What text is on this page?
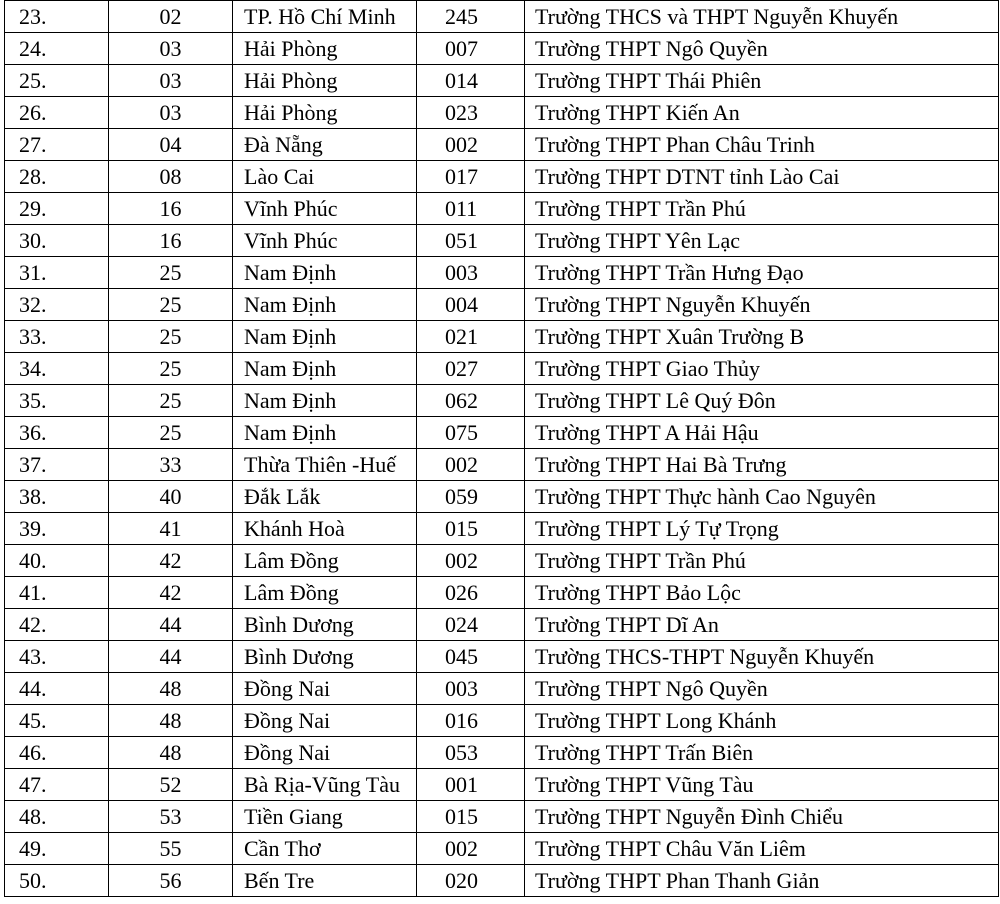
23.	02	TP. Hồ Chí Minh	245	Trường THCS và THPT Nguyễn Khuyến
24.	03	Hải Phòng	007	Trường THPT Ngô Quyền
25.	03	Hải Phòng	014	Trường THPT Thái Phiên
26.	03	Hải Phòng	023	Trường THPT Kiến An
27.	04	Đà Nẵng	002	Trường THPT Phan Châu Trinh
28.	08	Lào Cai	017	Trường THPT DTNT tỉnh Lào Cai
29.	16	Vĩnh Phúc	011	Trường THPT Trần Phú
30.	16	Vĩnh Phúc	051	Trường THPT Yên Lạc
31.	25	Nam Định	003	Trường THPT Trần Hưng Đạo
32.	25	Nam Định	004	Trường THPT Nguyễn Khuyến
33.	25	Nam Định	021	Trường THPT Xuân Trường B
34.	25	Nam Định	027	Trường THPT Giao Thủy
35.	25	Nam Định	062	Trường THPT Lê Quý Đôn
36.	25	Nam Định	075	Trường THPT A Hải Hậu
37.	33	Thừa Thiên -Huế	002	Trường THPT Hai Bà Trưng
38.	40	Đắk Lắk	059	Trường THPT Thực hành Cao Nguyên
39.	41	Khánh Hoà	015	Trường THPT Lý Tự Trọng
40.	42	Lâm Đồng	002	Trường THPT Trần Phú
41.	42	Lâm Đồng	026	Trường THPT Bảo Lộc
42.	44	Bình Dương	024	Trường THPT Dĩ An
43.	44	Bình Dương	045	Trường THCS-THPT Nguyễn Khuyến
44.	48	Đồng Nai	003	Trường THPT Ngô Quyền
45.	48	Đồng Nai	016	Trường THPT Long Khánh
46.	48	Đồng Nai	053	Trường THPT Trấn Biên
47.	52	Bà Rịa-Vũng Tàu	001	Trường THPT Vũng Tàu
48.	53	Tiền Giang	015	Trường THPT Nguyễn Đình Chiểu
49.	55	Cần Thơ	002	Trường THPT Châu Văn Liêm
50.	56	Bến Tre	020	Trường THPT Phan Thanh Giản
